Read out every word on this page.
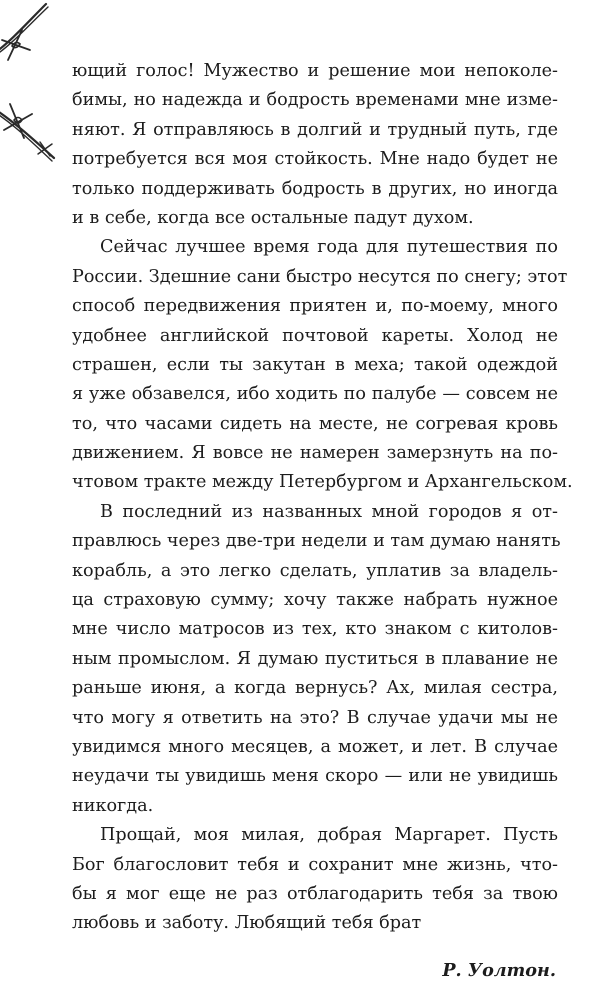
ющий голос! Мужество и решение мои непоколе-
бимы, но надежда и бодрость временами мне изме-
няют. Я отправляюсь в долгий и трудный путь, где
потребуется вся моя стойкость. Мне надо будет не
только поддерживать бодрость в других, но иногда
и в себе, когда все остальные падут духом.
Сейчас лучшее время года для путешествия по
России. Здешние сани быстро несутся по снегу; этот
способ передвижения приятен и, по-моему, много
удобнее английской почтовой кареты. Холод не
страшен, если ты закутан в меха; такой одеждой
я уже обзавелся, ибо ходить по палубе — совсем не
то, что часами сидеть на месте, не согревая кровь
движением. Я вовсе не намерен замерзнуть на по-
чтовом тракте между Петербургом и Архангельском.
В последний из названных мной городов я от-
правлюсь через две-три недели и там думаю нанять
корабль, а это легко сделать, уплатив за владель-
ца страховую сумму; хочу также набрать нужное
мне число матросов из тех, кто знаком с китолов-
ным промыслом. Я думаю пуститься в плавание не
раньше июня, а когда вернусь? Ах, милая сестра,
что могу я ответить на это? В случае удачи мы не
увидимся много месяцев, а может, и лет. В случае
неудачи ты увидишь меня скоро — или не увидишь
никогда.
Прощай, моя милая, добрая Маргарет. Пусть
Бог благословит тебя и сохранит мне жизнь, что-
бы я мог еще не раз отблагодарить тебя за твою
любовь и заботу. Любящий тебя брат
Р. Уолтон.
